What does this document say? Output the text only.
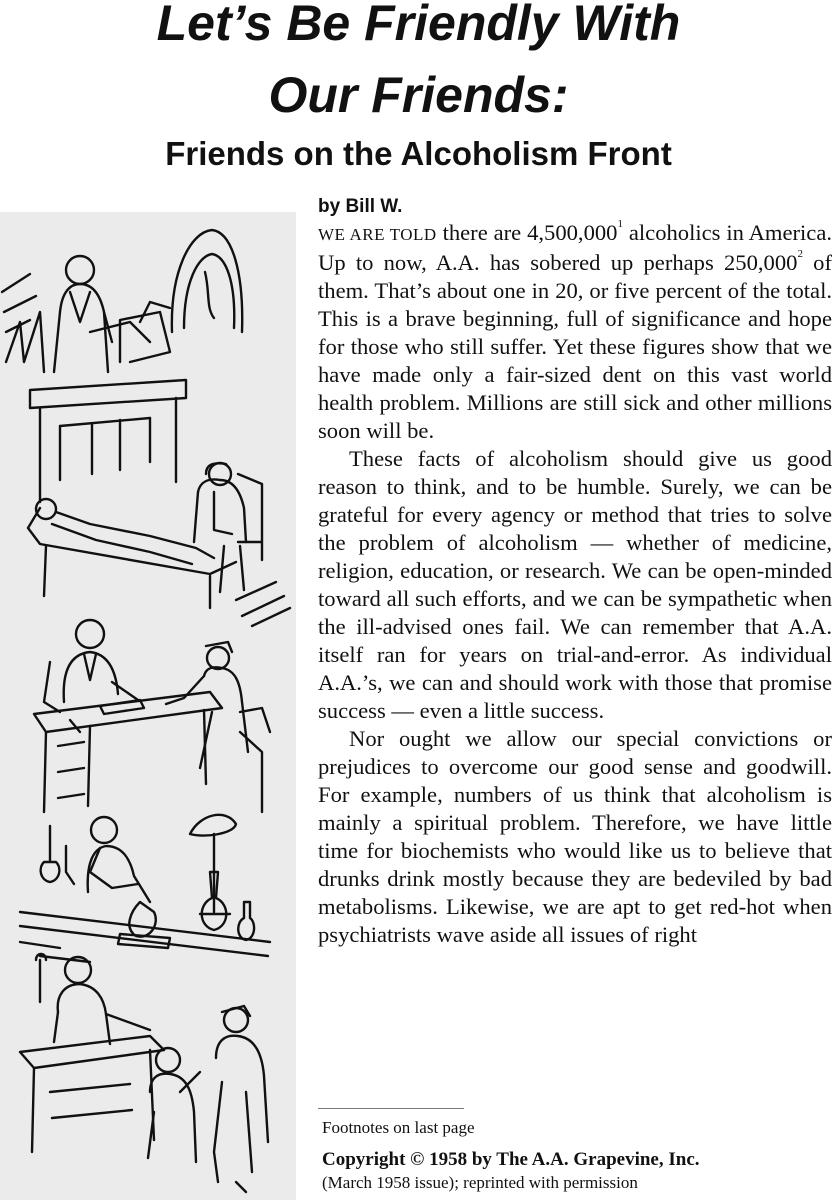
Let’s Be Friendly With
Our Friends:
Friends on the Alcoholism Front
by Bill W.

WE ARE TOLD there are 4,500,000$^1$ alcoholics in America. Up to now, A.A. has sobered up perhaps 250,000$^2$ of them. That’s about one in 20, or five percent of the total. This is a brave beginning, full of significance and hope for those who still suffer. Yet these figures show that we have made only a fair-sized dent on this vast world health problem. Millions are still sick and other millions soon will be.

These facts of alcoholism should give us good reason to think, and to be humble. Surely, we can be grateful for every agency or method that tries to solve the problem of alcoholism — whether of medicine, religion, education, or research. We can be open-minded toward all such efforts, and we can be sympathetic when the ill-advised ones fail. We can remember that A.A. itself ran for years on trial-and-error. As individual A.A.’s, we can and should work with those that promise success — even a little success.

Nor ought we allow our special convictions or prejudices to overcome our good sense and goodwill. For example, numbers of us think that alcoholism is mainly a spiritual problem. Therefore, we have little time for biochemists who would like us to believe that drunks drink mostly because they are bedeviled by bad metabolisms. Likewise, we are apt to get red-hot when psychiatrists wave aside all issues of right

Footnotes on last page
Copyright © 1958 by The A.A. Grapevine, Inc.
(March 1958 issue); reprinted with permission
